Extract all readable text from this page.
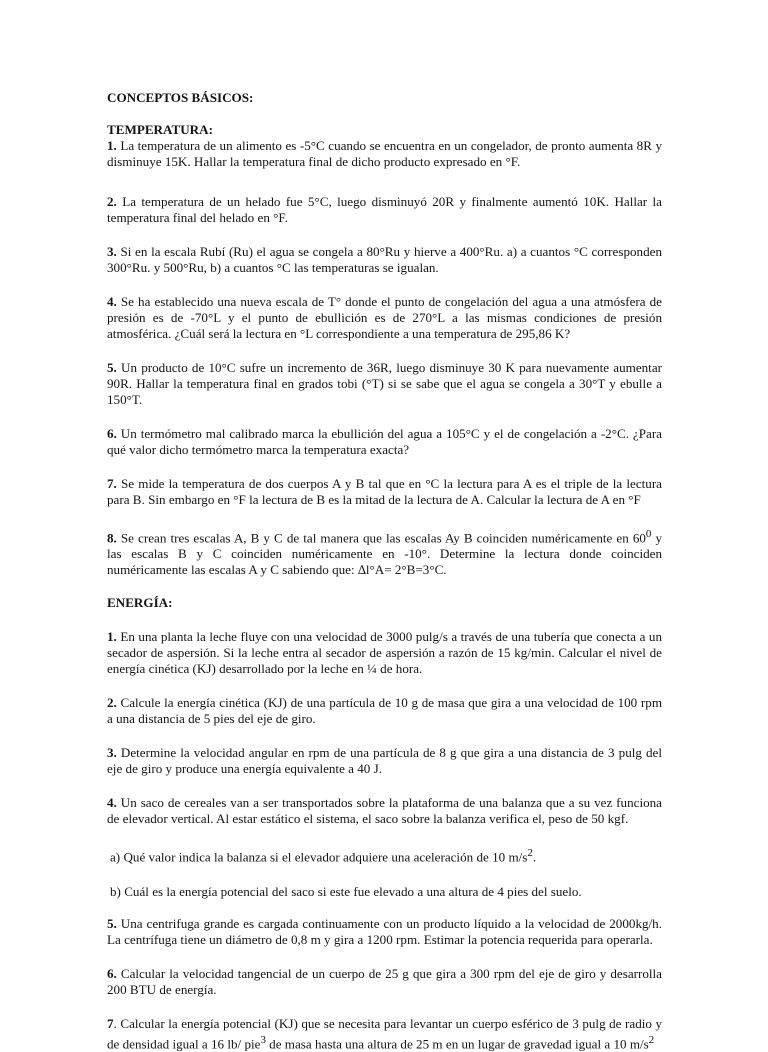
CONCEPTOS BÁSICOS:
TEMPERATURA:

1. La temperatura de un alimento es -5°C cuando se encuentra en un congelador, de pronto aumenta 8R y disminuye 15K. Hallar la temperatura final de dicho producto expresado en °F.

2. La temperatura de un helado fue 5°C, luego disminuyó 20R y finalmente aumentó 10K. Hallar la temperatura final del helado en °F.

3. Si en la escala Rubí (Ru) el agua se congela a 80°Ru y hierve a 400°Ru. a) a cuantos °C corresponden 300°Ru. y 500°Ru, b) a cuantos °C las temperaturas se igualan.

4. Se ha establecido una nueva escala de T° donde el punto de congelación del agua a una atmósfera de presión es de -70°L y el punto de ebullición es de 270°L a las mismas condiciones de presión atmosférica. ¿Cuál será la lectura en °L correspondiente a una temperatura de 295,86 K?

5. Un producto de 10°C sufre un incremento de 36R, luego disminuye 30 K para nuevamente aumentar 90R. Hallar la temperatura final en grados tobi (°T) si se sabe que el agua se congela a 30°T y ebulle a 150°T.

6. Un termómetro mal calibrado marca la ebullición del agua a 105°C y el de congelación a -2°C. ¿Para qué valor dicho termómetro marca la temperatura exacta?

7. Se mide la temperatura de dos cuerpos A y B tal que en °C la lectura para A es el triple de la lectura para B. Sin embargo en °F la lectura de B es la mitad de la lectura de A. Calcular la lectura de A en °F

8. Se crean tres escalas A, B y C de tal manera que las escalas Ay B coinciden numéricamente en $60^0$ y las escalas B y C coinciden numéricamente en -10°. Determine la lectura donde coinciden numéricamente las escalas A y C sabiendo que: ∆l°A= 2°B=3°C.

ENERGÍA:

1. En una planta la leche fluye con una velocidad de 3000 pulg/s a través de una tubería que conecta a un secador de aspersión. Si la leche entra al secador de aspersión a razón de 15 kg/min. Calcular el nivel de energía cinética (KJ) desarrollado por la leche en ¼ de hora.

2. Calcule la energía cinética (KJ) de una partícula de 10 g de masa que gira a una velocidad de 100 rpm a una distancia de 5 pies del eje de giro.

3. Determine la velocidad angular en rpm de una partícula de 8 g que gira a una distancia de 3 pulg del eje de giro y produce una energía equivalente a 40 J.

4. Un saco de cereales van a ser transportados sobre la plataforma de una balanza que a su vez funciona de elevador vertical. Al estar estático el sistema, el saco sobre la balanza verifica el, peso de 50 kgf.

a) Qué valor indica la balanza si el elevador adquiere una aceleración de 10 $m/s^2$.

b) Cuál es la energía potencial del saco si este fue elevado a una altura de 4 pies del suelo.

5. Una centrifuga grande es cargada continuamente con un producto líquido a la velocidad de 2000kg/h. La centrífuga tiene un diámetro de 0,8 m y gira a 1200 rpm. Estimar la potencia requerida para operarla.

6. Calcular la velocidad tangencial de un cuerpo de 25 g que gira a 300 rpm del eje de giro y desarrolla 200 BTU de energía.

7. Calcular la energía potencial (KJ) que se necesita para levantar un cuerpo esférico de 3 pulg de radio y de densidad igual a 16 lb/ pie$^3$ de masa hasta una altura de 25 m en un lugar de gravedad igual a 10 $m/s^2$
